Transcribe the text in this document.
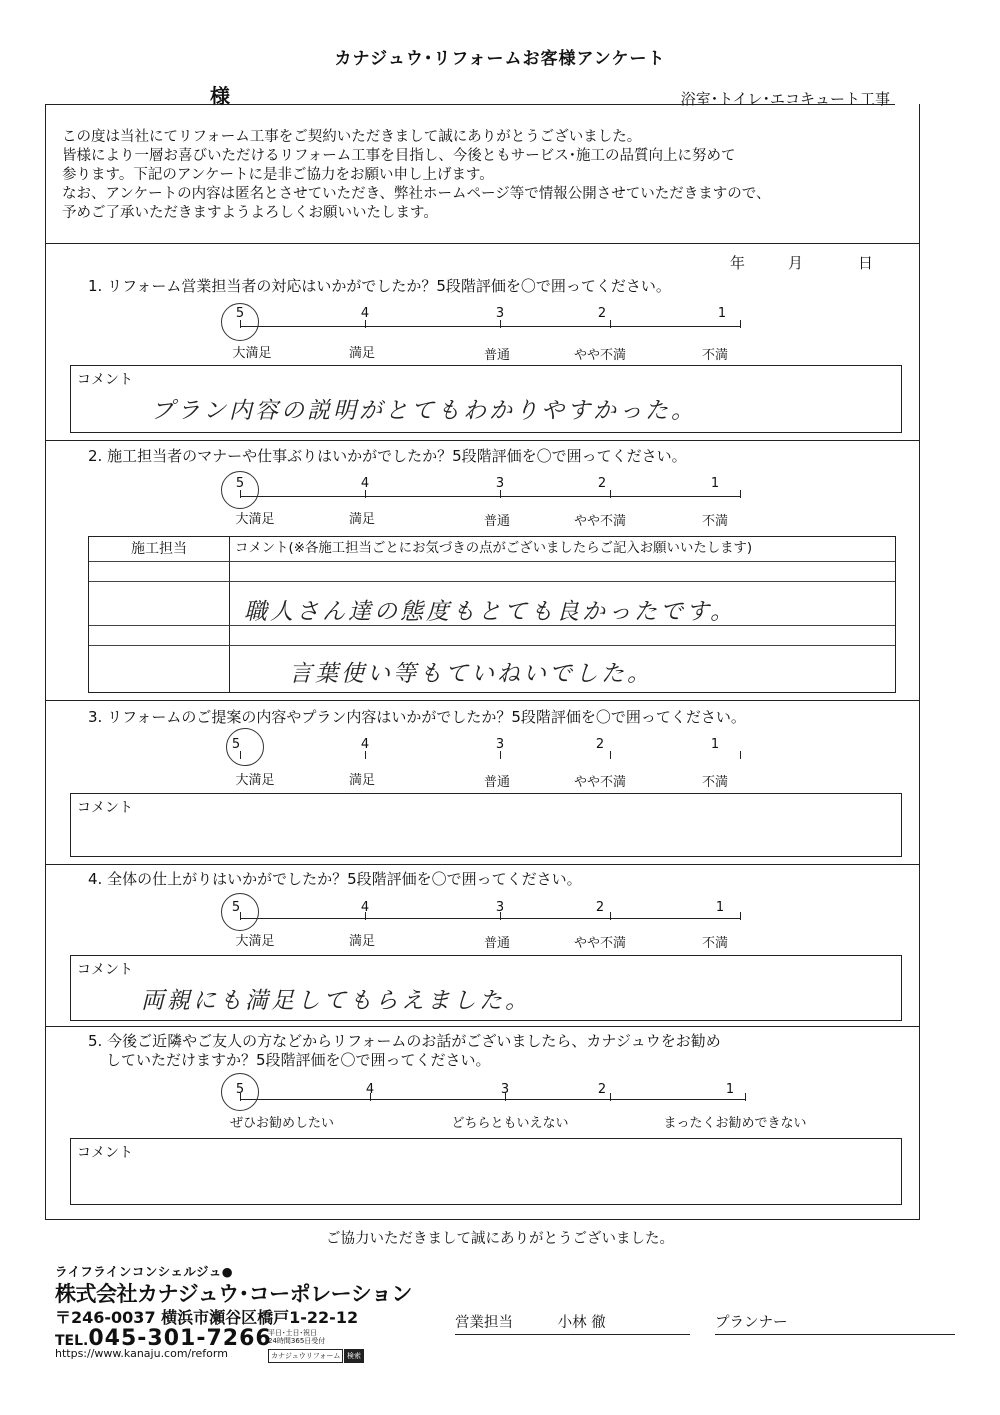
カナジュウ･リフォームお客様アンケート
様	浴室･トイレ･エコキュート工事
この度は当社にてリフォーム工事をご契約いただきまして誠にありがとうございました。
皆様により一層お喜びいただけるリフォーム工事を目指し、今後ともサービス･施工の品質向上に努めて
参ります。下記のアンケートに是非ご協力をお願い申し上げます。
なお、アンケートの内容は匿名とさせていただき、弊社ホームページ等で情報公開させていただきますので、
予めご了承いただきますようよろしくお願いいたします。
年	月	日
1. リフォーム営業担当者の対応はいかがでしたか？5段階評価を〇で囲ってください。
5	4	3	2	1
大満足	満足	普通	やや不満	不満
コメント
プラン内容の説明がとてもわかりやすかった。
2. 施工担当者のマナーや仕事ぶりはいかがでしたか？5段階評価を〇で囲ってください。
5	4	3	2	1
大満足	満足	普通	やや不満	不満
施工担当	コメント(※各施工担当ごとにお気づきの点がございましたらご記入お願いいたします)
職人さん達の態度もとても良かったです。
言葉使い等もていねいでした。
3. リフォームのご提案の内容やプラン内容はいかがでしたか？5段階評価を〇で囲ってください。
5	4	3	2	1
大満足	満足	普通	やや不満	不満
コメント
4. 全体の仕上がりはいかがでしたか？5段階評価を〇で囲ってください。
5	4	3	2	1
大満足	満足	普通	やや不満	不満
コメント
両親にも満足してもらえました。
5. 今後ご近隣やご友人の方などからリフォームのお話がございましたら、カナジュウをお勧め
していただけますか？5段階評価を〇で囲ってください。
5	4	3	2	1
ぜひお勧めしたい	どちらともいえない	まったくお勧めできない
コメント
ご協力いただきまして誠にありがとうございました。
ライフラインコンシェルジュ●
株式会社カナジュウ･コーポレーション
〒246-0037 横浜市瀬谷区橋戸1-22-12
TEL.045-301-7266
平日･土日･祝日 24時間365日受付
https://www.kanaju.com/reform	カナジュウリフォーム 検索
営業担当	小林 徹	プランナー
